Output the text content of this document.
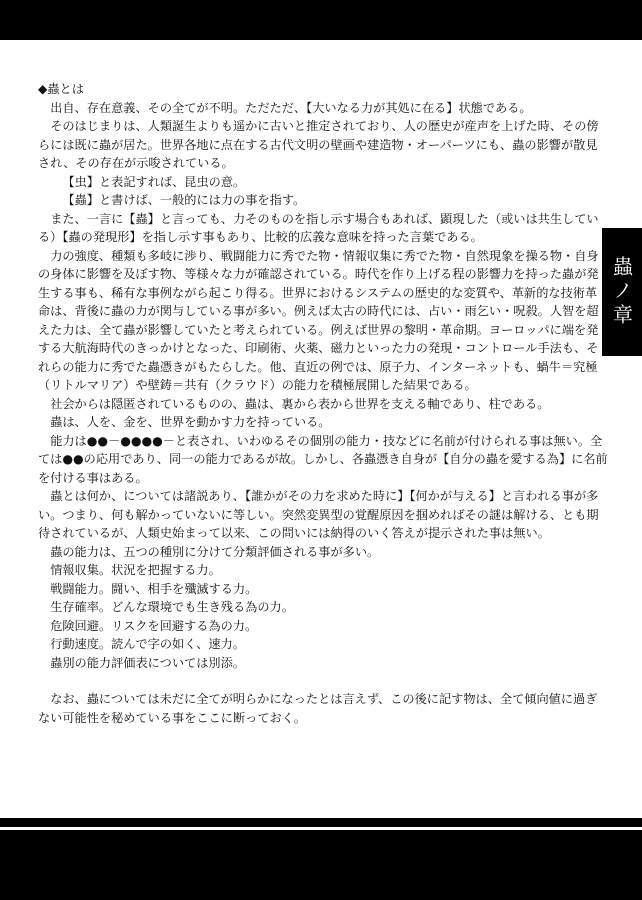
蟲ノ章

◆蟲とは

出自、存在意義、その全てが不明。ただただ、【大いなる力が其処に在る】状態である。

そのはじまりは、人類誕生よりも遥かに古いと推定されており、人の歴史が産声を上げた時、その傍らには既に蟲が居た。世界各地に点在する古代文明の壁画や建造物・オーパーツにも、蟲の影響が散見され、その存在が示唆されている。

【虫】と表記すれば、昆虫の意。

【蟲】と書けば、一般的には力の事を指す。

また、一言に【蟲】と言っても、力そのものを指し示す場合もあれば、顕現した（或いは共生している）【蟲の発現形】を指し示す事もあり、比較的広義な意味を持った言葉である。

力の強度、種類も多岐に渉り、戦闘能力に秀でた物・情報収集に秀でた物・自然現象を操る物・自身の身体に影響を及ぼす物、等様々な力が確認されている。時代を作り上げる程の影響力を持った蟲が発生する事も、稀有な事例ながら起こり得る。世界におけるシステムの歴史的な変質や、革新的な技術革命は、背後に蟲の力が関与している事が多い。例えば太古の時代には、占い・雨乞い・呪殺。人智を超えた力は、全て蟲が影響していたと考えられている。例えば世界の黎明・革命期。ヨーロッパに端を発する大航海時代のきっかけとなった、印刷術、火薬、磁力といった力の発現・コントロール手法も、それらの能力に秀でた蟲憑きがもたらした。他、直近の例では、原子力、インターネットも、蝸牛＝究極（リトルマリア）や壁鋳＝共有（クラウド）の能力を積極展開した結果である。

社会からは隠匿されているものの、蟲は、裏から表から世界を支える軸であり、柱である。

蟲は、人を、金を、世界を動かす力を持っている。

能力は●●－●●●●－と表され、いわゆるその個別の能力・技などに名前が付けられる事は無い。全ては●●の応用であり、同一の能力であるが故。しかし、各蟲憑き自身が【自分の蟲を愛する為】に名前を付ける事はある。

蟲とは何か、については諸説あり、【誰かがその力を求めた時に】【何かが与える】と言われる事が多い。つまり、何も解かっていないに等しい。突然変異型の覚醒原因を掴めればその謎は解ける、とも期待されているが、人類史始まって以来、この問いには納得のいく答えが提示された事は無い。

蟲の能力は、五つの種別に分けて分類評価される事が多い。

情報収集。状況を把握する力。

戦闘能力。闘い、相手を殲滅する力。

生存確率。どんな環境でも生き残る為の力。

危険回避。リスクを回避する為の力。

行動速度。読んで字の如く、速力。

蟲別の能力評価表については別添。

なお、蟲については未だに全てが明らかになったとは言えず、この後に記す物は、全て傾向値に過ぎない可能性を秘めている事をここに断っておく。
